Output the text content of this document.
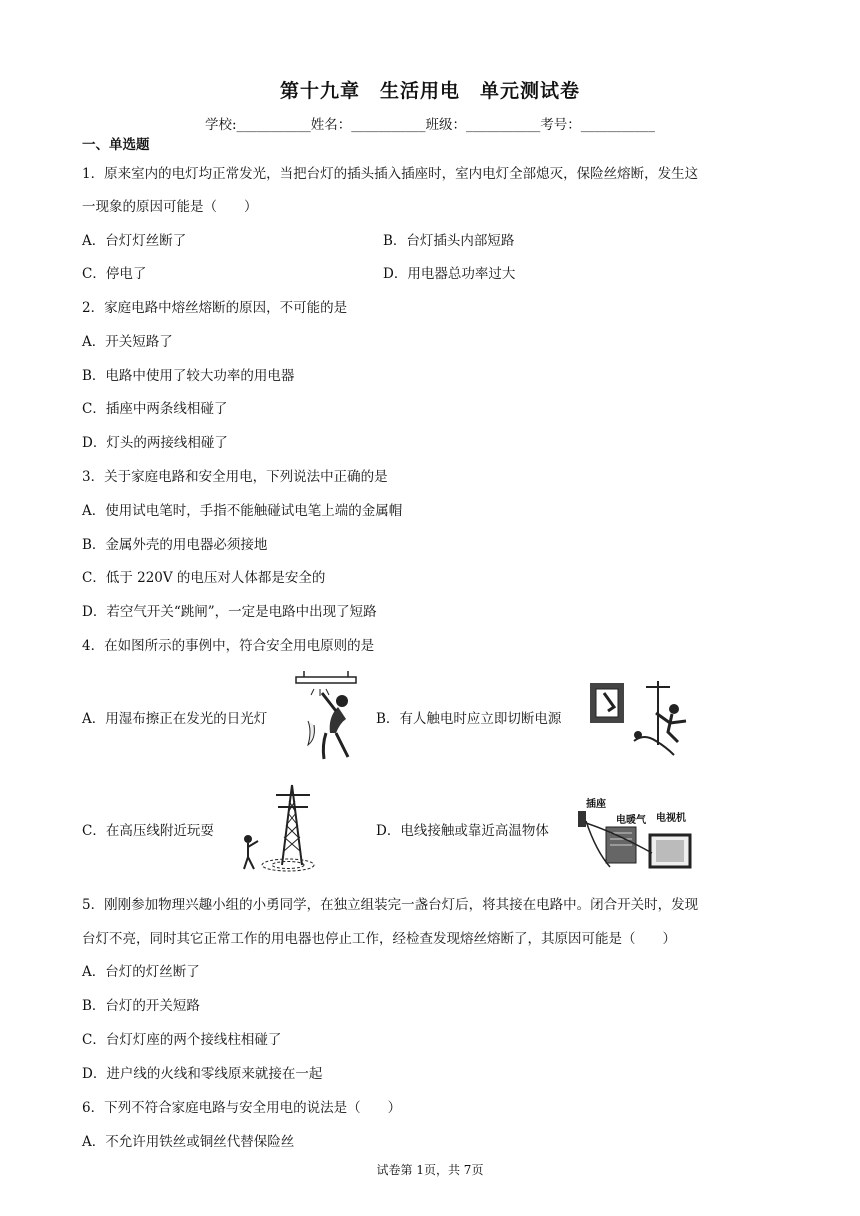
第十九章　生活用电　单元测试卷
学校:___________姓名：___________班级：___________考号：___________
一、单选题
1．原来室内的电灯均正常发光，当把台灯的插头插入插座时，室内电灯全部熄灭，保险丝熔断，发生这
一现象的原因可能是（　　）
A．台灯灯丝断了	B．台灯插头内部短路
C．停电了	D．用电器总功率过大
2．家庭电路中熔丝熔断的原因，不可能的是
A．开关短路了
B．电路中使用了较大功率的用电器
C．插座中两条线相碰了
D．灯头的两接线相碰了
3．关于家庭电路和安全用电，下列说法中正确的是
A．使用试电笔时，手指不能触碰试电笔上端的金属帽
B．金属外壳的用电器必须接地
C．低于 220V 的电压对人体都是安全的
D．若空气开关“跳闸”，一定是电路中出现了短路
4．在如图所示的事例中，符合安全用电原则的是
A．用湿布擦正在发光的日光灯	B．有人触电时应立即切断电源
C．在高压线附近玩耍	D．电线接触或靠近高温物体
插座
电暖气 电视机
5．刚刚参加物理兴趣小组的小勇同学，在独立组装完一盏台灯后，将其接在电路中。闭合开关时，发现
台灯不亮，同时其它正常工作的用电器也停止工作，经检查发现熔丝熔断了，其原因可能是（　　）
A．台灯的灯丝断了
B．台灯的开关短路
C．台灯灯座的两个接线柱相碰了
D．进户线的火线和零线原来就接在一起
6．下列不符合家庭电路与安全用电的说法是（　　）
A．不允许用铁丝或铜丝代替保险丝
试卷第 1页，共 7页
